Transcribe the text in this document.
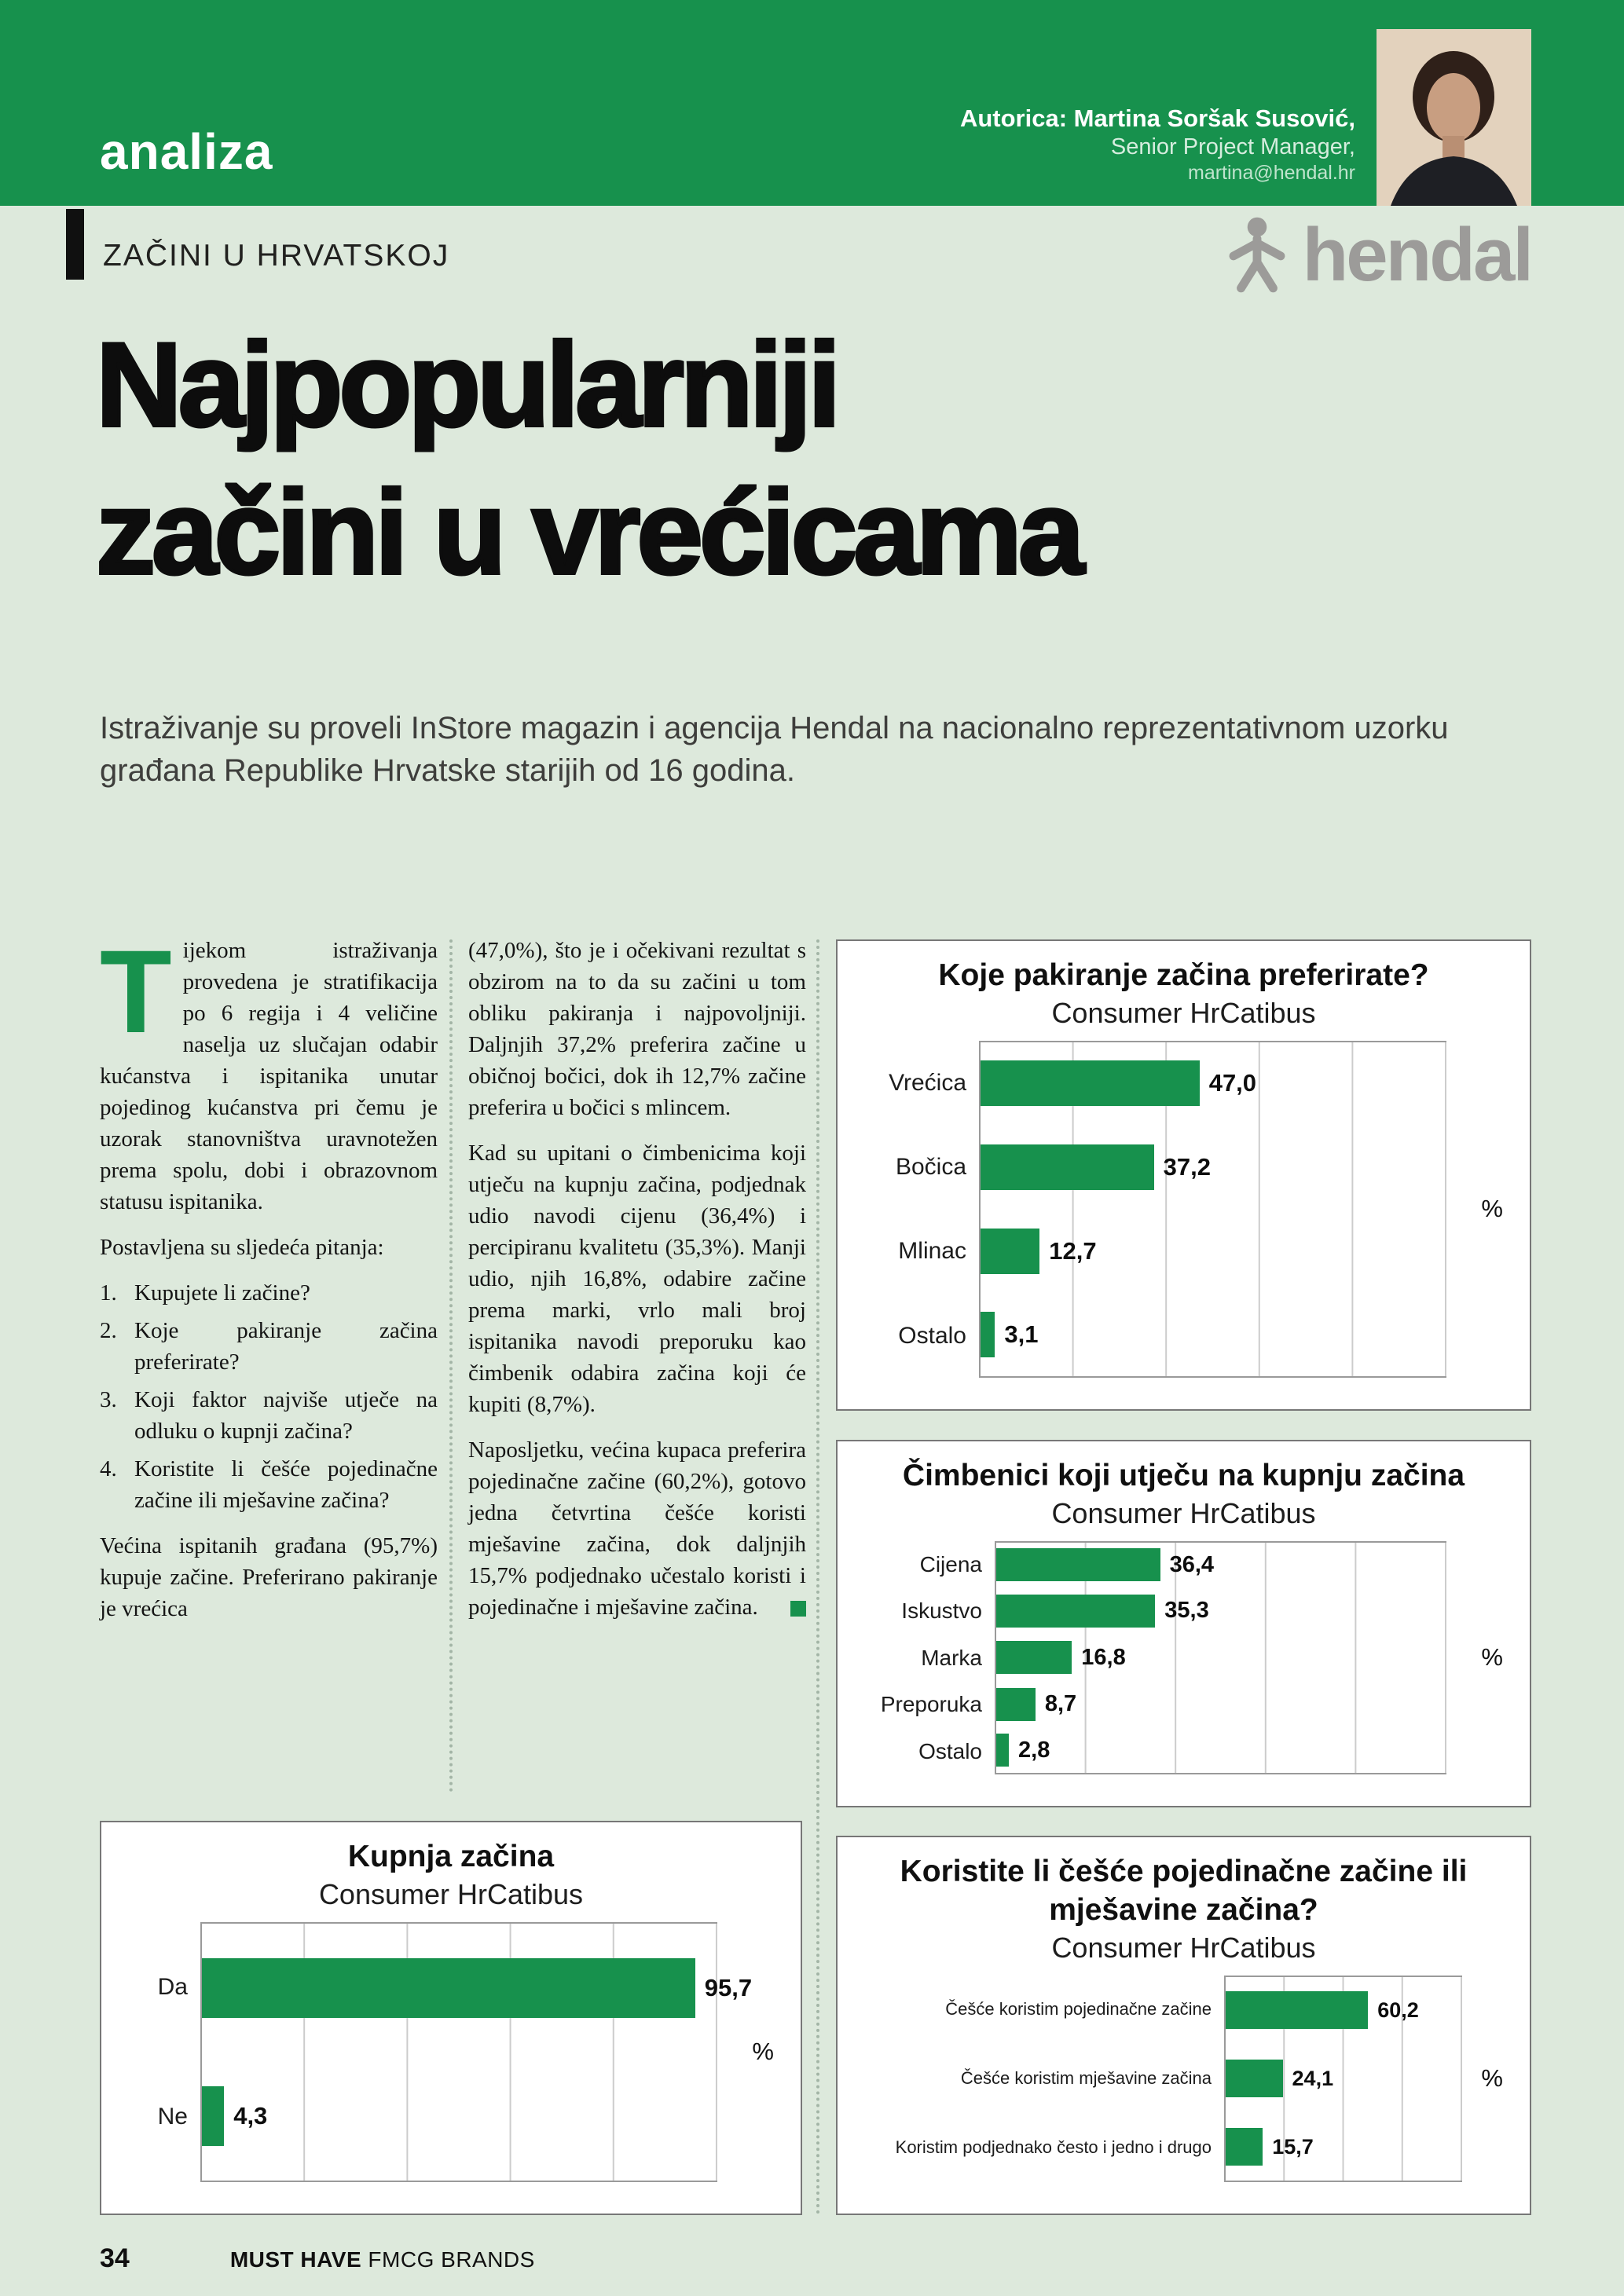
analiza
Autorica: Martina Soršak Susović,
Senior Project Manager,
martina@hendal.hr
ZAČINI U HRVATSKOJ	hendal
Najpopularniji
začini u vrećicama

Istraživanje su proveli InStore magazin i agencija Hendal na nacionalno reprezentativnom uzorku građana Republike Hrvatske starijih od 16 godina.

Tijekom istraživanja provedena je stratifikacija po 6 regija i 4 veličine naselja uz slučajan odabir kućanstva i ispitanika unutar pojedinog kućanstva pri čemu je uzorak stanovništva uravnotežen prema spolu, dobi i obrazovnom statusu ispitanika.

Postavljena su sljedeća pitanja:

1. Kupujete li začine?
2. Koje pakiranje začina preferirate?
3. Koji faktor najviše utječe na odluku o kupnji začina?
4. Koristite li češće pojedinačne začine ili mješavine začina?

Većina ispitanih građana (95,7%) kupuje začine. Preferirano pakiranje je vrećica

(47,0%), što je i očekivani rezultat s obzirom na to da su začini u tom obliku pakiranja i najpovoljniji. Daljnjih 37,2% preferira začine u običnoj bočici, dok ih 12,7% začine preferira u bočici s mlincem.

Kad su upitani o čimbenicima koji utječu na kupnju začina, podjednak udio navodi cijenu (36,4%) i percipiranu kvalitetu (35,3%). Manji udio, njih 16,8%, odabire začine prema marki, vrlo mali broj ispitanika navodi preporuku kao čimbenik odabira začina koji će kupiti (8,7%).

Naposljetku, većina kupaca preferira pojedinačne začine (60,2%), gotovo jedna četvrtina češće koristi mješavine začina, dok daljnjih 15,7% podjednako učestalo koristi i pojedinačne i mješavine začina.

Koje pakiranje začina preferirate?
Consumer HrCatibus
%
Vrećica	47,0
Bočica	37,2
Mlinac	12,7
Ostalo	3,1
Čimbenici koji utječu na kupnju začina
Consumer HrCatibus
%
Cijena	36,4
Iskustvo	35,3
Marka	16,8
Preporuka	8,7
Ostalo	2,8
Kupnja začina
Consumer HrCatibus
%
Da	95,7
Ne	4,3
Koristite li češće pojedinačne začine ili mješavine začina?
Consumer HrCatibus
%
Češće koristim pojedinačne začine	60,2
Češće koristim mješavine začina	24,1
Koristim podjednako često i jedno i drugo	15,7
34	MUST HAVE FMCG BRANDS
